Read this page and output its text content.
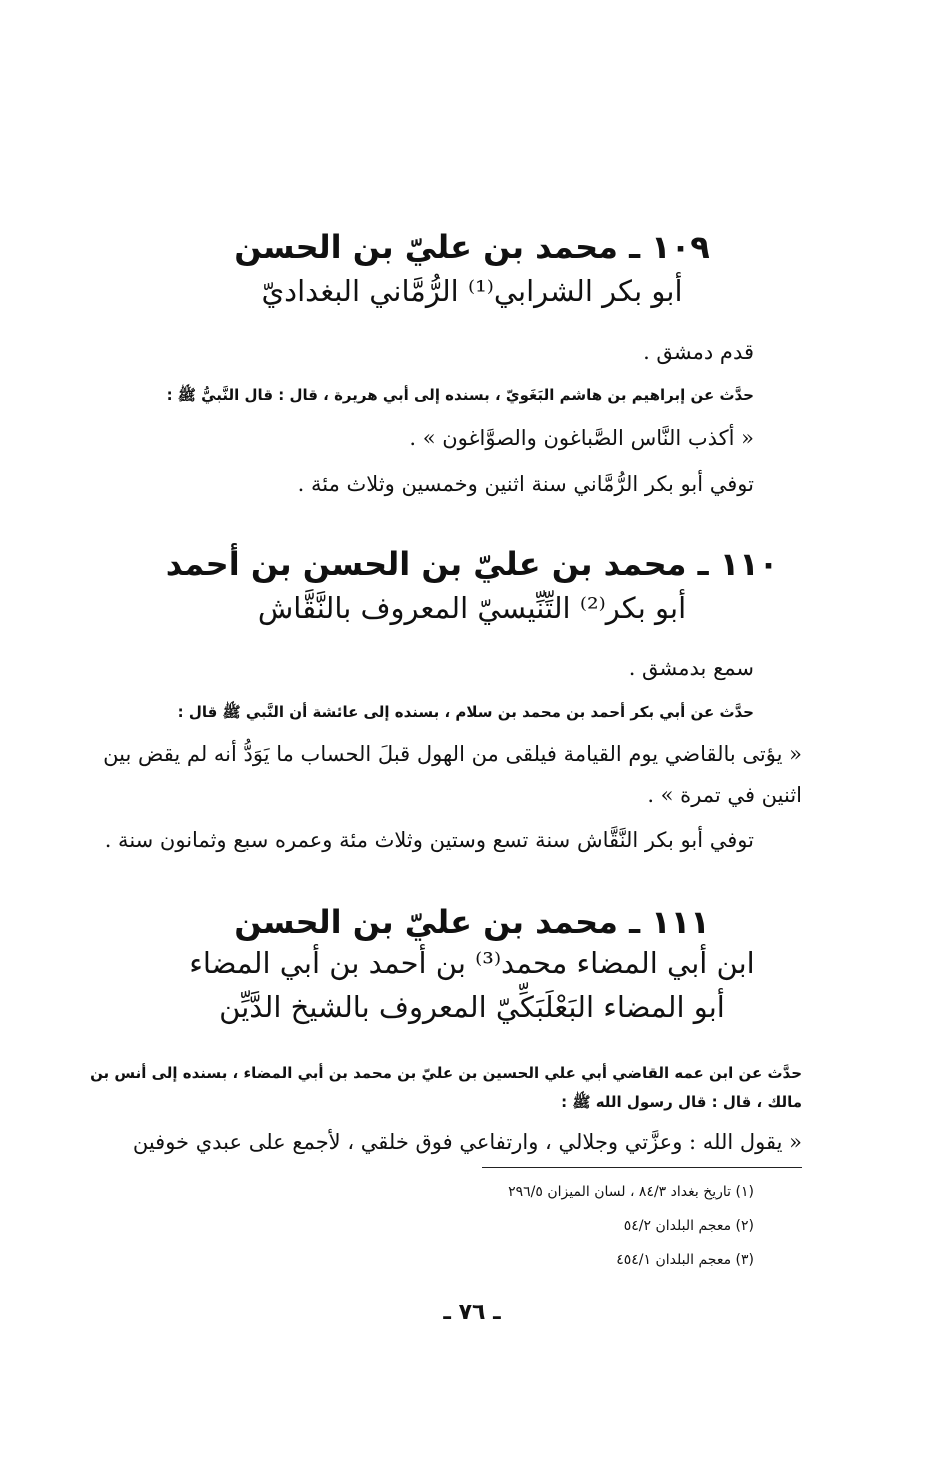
١٠٩ ـ محمد بن عليّ بن الحسن
أبو بكر الشرابي⁽¹⁾ الرُّمَّاني البغداديّ
قدم دمشق .
حدَّث عن إبراهيم بن هاشم البَغَويّ ، بسنده إلى أبي هريرة ، قال : قال النَّبيُّ ﷺ :
« أكذب النَّاس الصَّباغون والصوَّاغون » .
توفي أبو بكر الرُّمَّاني سنة اثنين وخمسين وثلاث مئة .
١١٠ ـ محمد بن عليّ بن الحسن بن أحمد
أبو بكر⁽²⁾ التِّنِّيسيّ المعروف بالنَّقَّاش
سمع بدمشق .
حدَّث عن أبي بكر أحمد بن محمد بن سلام ، بسنده إلى عائشة أن النَّبي ﷺ قال :
« يؤتى بالقاضي يوم القيامة فيلقى من الهول قبلَ الحساب ما يَوَدُّ أنه لم يقض بين
اثنين في تمرة » .
توفي أبو بكر النَّقَّاش سنة تسع وستين وثلاث مئة وعمره سبع وثمانون سنة .
١١١ ـ محمد بن عليّ بن الحسن
ابن أبي المضاء محمد⁽³⁾ بن أحمد بن أبي المضاء
أبو المضاء البَعْلَبَكِّيّ المعروف بالشيخ الدَّيِّن
حدَّث عن ابن عمه القاضي أبي علي الحسين بن عليّ بن محمد بن أبي المضاء ، بسنده إلى أنس بن
مالك ، قال : قال رسول الله ﷺ :
« يقول الله : وعزَّتي وجلالي ، وارتفاعي فوق خلقي ، لأجمع على عبدي خوفين
(١) تاريخ بغداد ٨٤/٣ ، لسان الميزان ٢٩٦/٥
(٢) معجم البلدان ٥٤/٢
(٣) معجم البلدان ٤٥٤/١
ـ ٧٦ ـ
